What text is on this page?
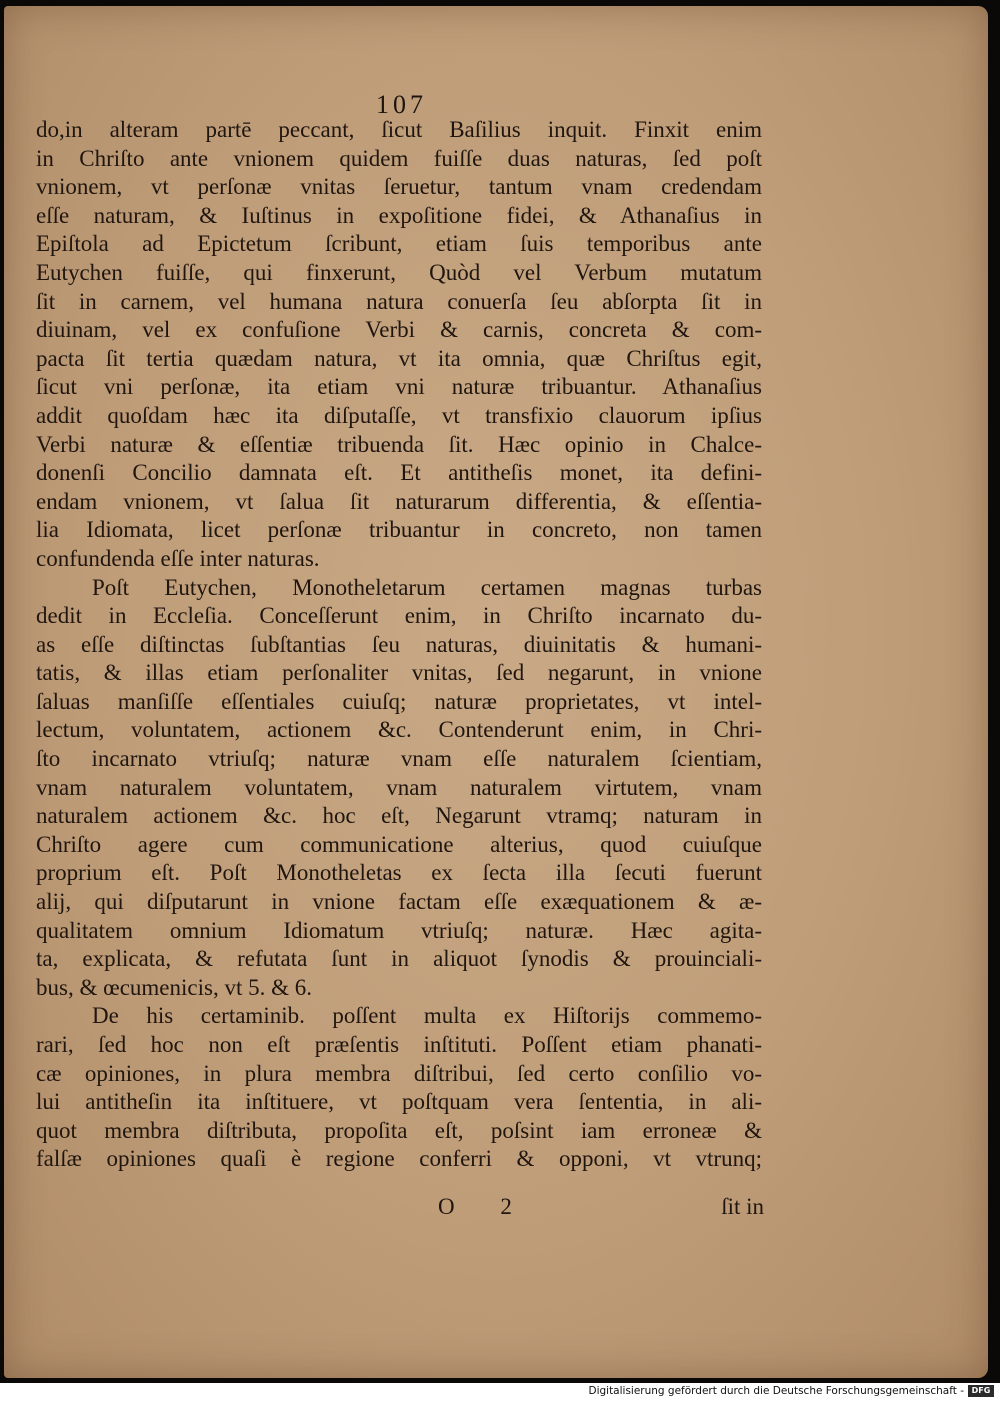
107
do,in alteram partē peccant, ſicut Baſilius inquit. Finxit enim
in Chriſto ante vnionem quidem fuiſſe duas naturas, ſed poſt
vnionem, vt perſonæ vnitas ſeruetur, tantum vnam credendam
eſſe naturam, & Iuſtinus in expoſitione fidei, & Athanaſius in
Epiſtola ad Epictetum ſcribunt, etiam ſuis temporibus ante
Eutychen fuiſſe, qui finxerunt, Quòd vel Verbum mutatum
ſit in carnem, vel humana natura conuerſa ſeu abſorpta ſit in
diuinam, vel ex confuſione Verbi & carnis, concreta & com-
pacta ſit tertia quædam natura, vt ita omnia, quæ Chriſtus egit,
ſicut vni perſonæ, ita etiam vni naturæ tribuantur. Athanaſius
addit quoſdam hæc ita diſputaſſe, vt transfixio clauorum ipſius
Verbi naturæ & eſſentiæ tribuenda ſit. Hæc opinio in Chalce-
donenſi Concilio damnata eſt. Et antitheſis monet, ita defini-
endam vnionem, vt ſalua ſit naturarum differentia, & eſſentia-
lia Idiomata, licet perſonæ tribuantur in concreto, non tamen
confundenda eſſe inter naturas.
Poſt Eutychen, Monotheletarum certamen magnas turbas
dedit in Eccleſia. Conceſſerunt enim, in Chriſto incarnato du-
as eſſe diſtinctas ſubſtantias ſeu naturas, diuinitatis & humani-
tatis, & illas etiam perſonaliter vnitas, ſed negarunt, in vnione
ſaluas manſiſſe eſſentiales cuiuſq; naturæ proprietates, vt intel-
lectum, voluntatem, actionem &c. Contenderunt enim, in Chri-
ſto incarnato vtriuſq; naturæ vnam eſſe naturalem ſcientiam,
vnam naturalem voluntatem, vnam naturalem virtutem, vnam
naturalem actionem &c. hoc eſt, Negarunt vtramq; naturam in
Chriſto agere cum communicatione alterius, quod cuiuſque
proprium eſt. Poſt Monotheletas ex ſecta illa ſecuti fuerunt
alij, qui diſputarunt in vnione factam eſſe exæquationem & æ-
qualitatem omnium Idiomatum vtriuſq; naturæ. Hæc agita-
ta, explicata, & refutata ſunt in aliquot ſynodis & prouinciali-
bus, & œcumenicis, vt 5. & 6.
De his certaminib. poſſent multa ex Hiſtorijs commemo-
rari, ſed hoc non eſt præſentis inſtituti. Poſſent etiam phanati-
cæ opiniones, in plura membra diſtribui, ſed certo conſilio vo-
lui antitheſin ita inſtituere, vt poſtquam vera ſententia, in ali-
quot membra diſtributa, propoſita eſt, poſsint iam erroneæ &
falſæ opiniones quaſi è regione conferri & opponi, vt vtrunq;
O 2	ſit in
Digitalisierung gefördert durch die Deutsche Forschungsgemeinschaft - DFG
